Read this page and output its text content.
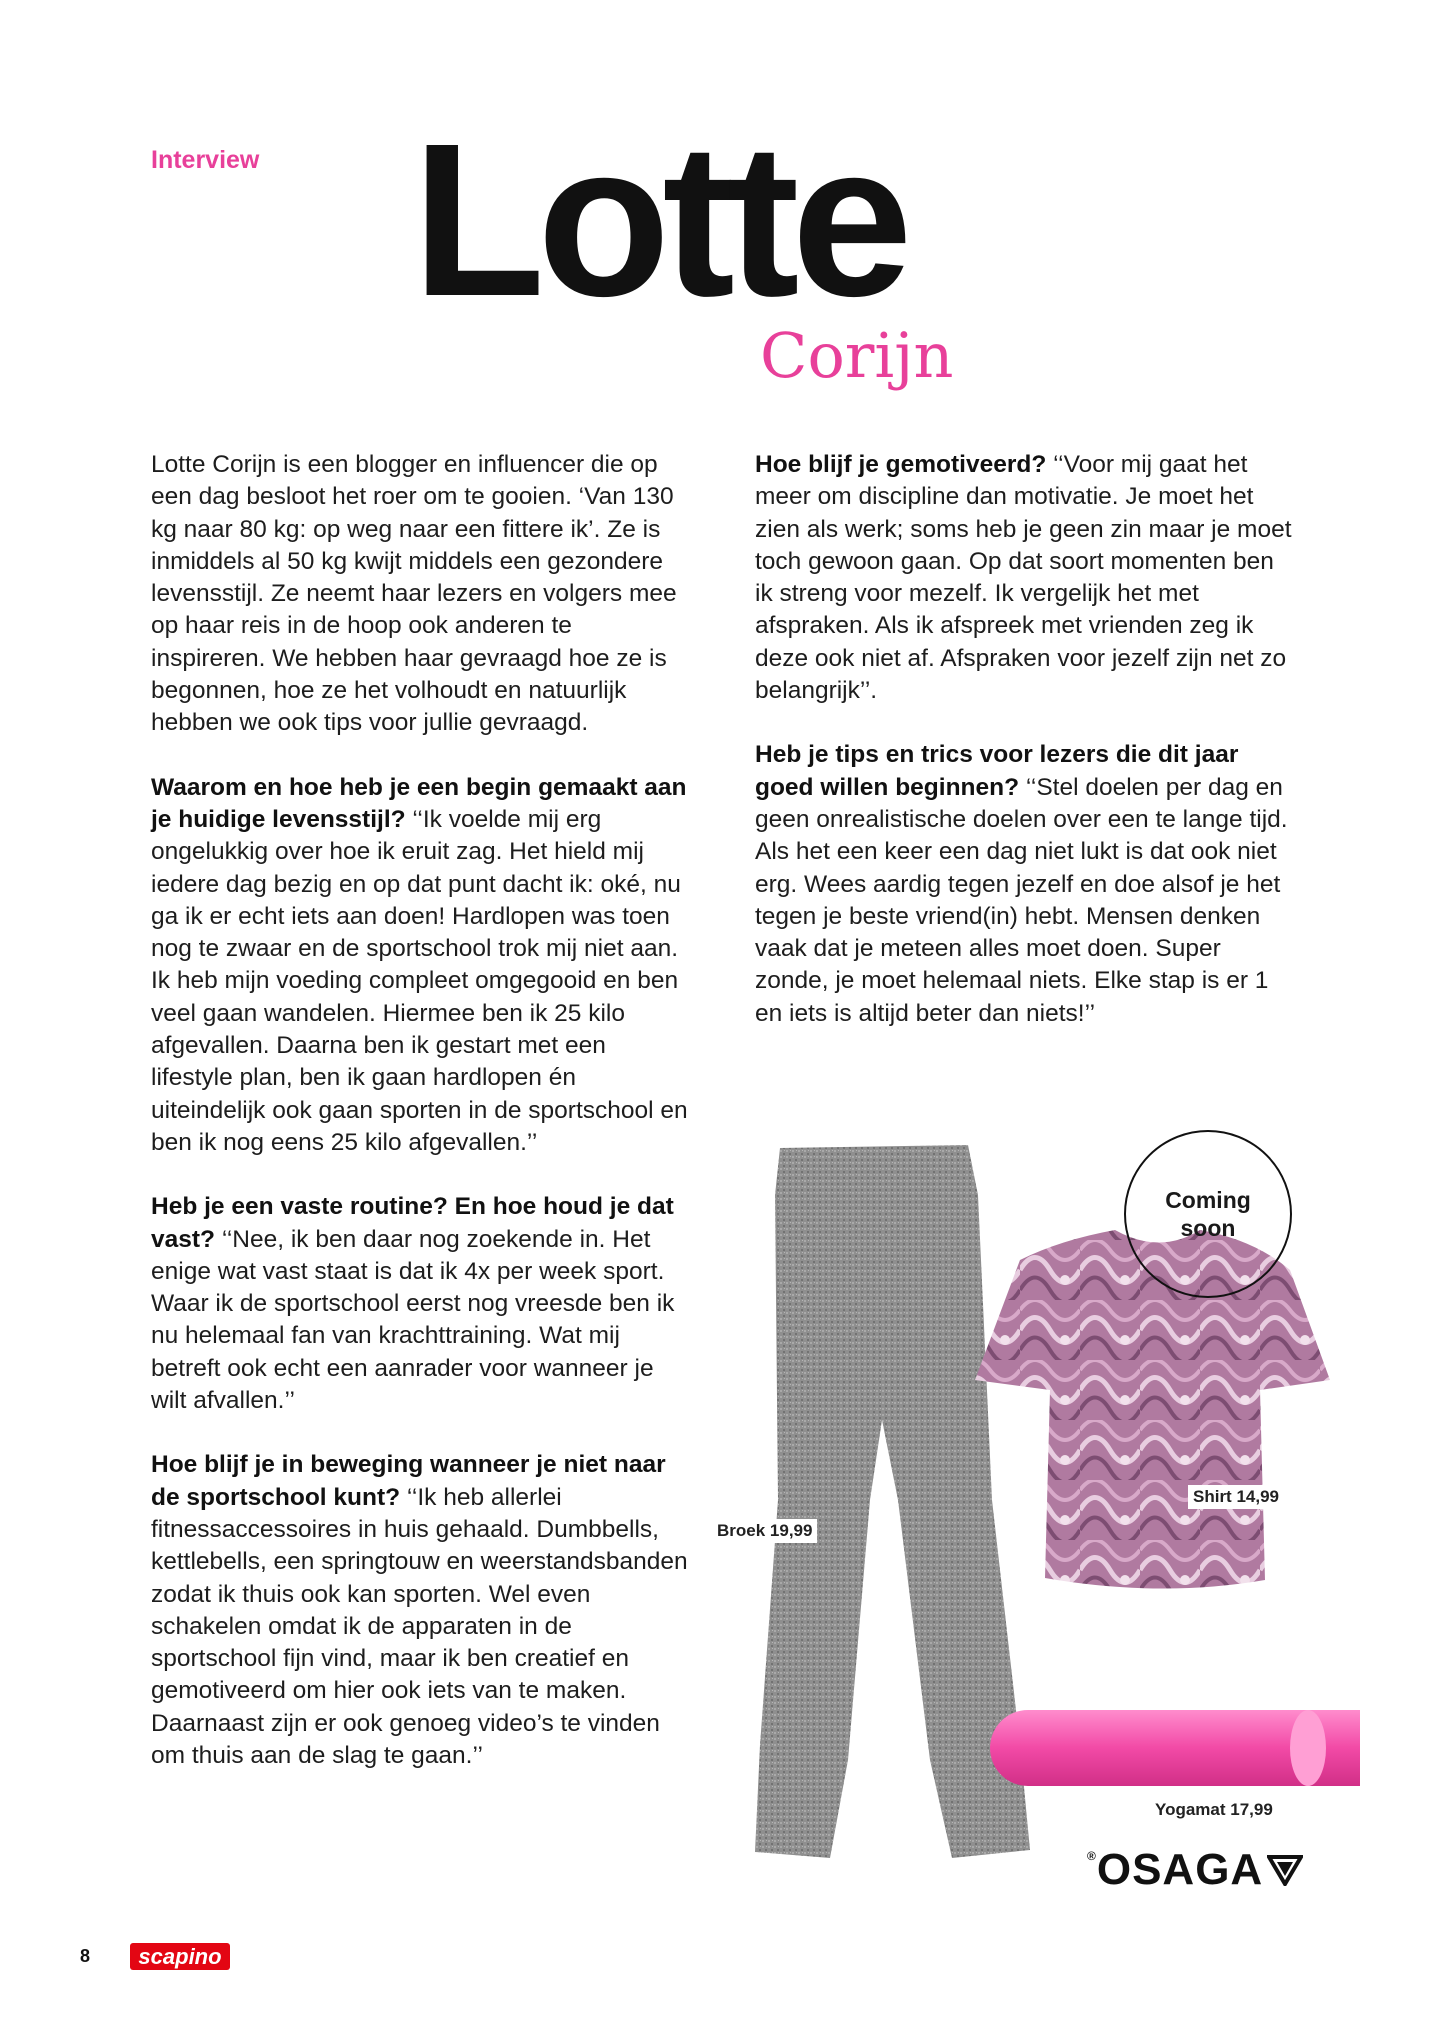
Interview Lotte
Corijn

Lotte Corijn is een blogger en influencer die op een dag besloot het roer om te gooien. ‘Van 130 kg naar 80 kg: op weg naar een fittere ik’. Ze is inmiddels al 50 kg kwijt middels een gezondere levensstijl. Ze neemt haar lezers en volgers mee op haar reis in de hoop ook anderen te inspireren. We hebben haar gevraagd hoe ze is begonnen, hoe ze het volhoudt en natuurlijk hebben we ook tips voor jullie gevraagd.

Waarom en hoe heb je een begin gemaakt aan je huidige levensstijl? ‘‘Ik voelde mij erg ongelukkig over hoe ik eruit zag. Het hield mij iedere dag bezig en op dat punt dacht ik: oké, nu ga ik er echt iets aan doen! Hardlopen was toen nog te zwaar en de sportschool trok mij niet aan. Ik heb mijn voeding compleet omgegooid en ben veel gaan wandelen. Hiermee ben ik 25 kilo afgevallen. Daarna ben ik gestart met een lifestyle plan, ben ik gaan hardlopen én uiteindelijk ook gaan sporten in de sportschool en ben ik nog eens 25 kilo afgevallen.’’

Heb je een vaste routine? En hoe houd je dat vast? ‘‘Nee, ik ben daar nog zoekende in. Het enige wat vast staat is dat ik 4x per week sport. Waar ik de sportschool eerst nog vreesde ben ik nu helemaal fan van krachttraining. Wat mij betreft ook echt een aanrader voor wanneer je wilt afvallen.’’

Hoe blijf je in beweging wanneer je niet naar de sportschool kunt? ‘‘Ik heb allerlei fitnessaccessoires in huis gehaald. Dumbbells, kettlebells, een springtouw en weerstandsbanden zodat ik thuis ook kan sporten. Wel even schakelen omdat ik de apparaten in de sportschool fijn vind, maar ik ben creatief en gemotiveerd om hier ook iets van te maken. Daarnaast zijn er ook genoeg video’s te vinden om thuis aan de slag te gaan.’’

Hoe blijf je gemotiveerd? ‘‘Voor mij gaat het meer om discipline dan motivatie. Je moet het zien als werk; soms heb je geen zin maar je moet toch gewoon gaan. Op dat soort momenten ben ik streng voor mezelf. Ik vergelijk het met afspraken. Als ik afspreek met vrienden zeg ik deze ook niet af. Afspraken voor jezelf zijn net zo belangrijk’’.

Heb je tips en trics voor lezers die dit jaar goed willen beginnen? ‘‘Stel doelen per dag en geen onrealistische doelen over een te lange tijd. Als het een keer een dag niet lukt is dat ook niet erg. Wees aardig tegen jezelf en doe alsof je het tegen je beste vriend(in) hebt. Mensen denken vaak dat je meteen alles moet doen. Super zonde, je moet helemaal niets. Elke stap is er 1 en iets is altijd beter dan niets!’’

Coming
soon
Broek 19,99
Shirt 14,99
Yogamat 17,99
® OSAGA
8	scapino
